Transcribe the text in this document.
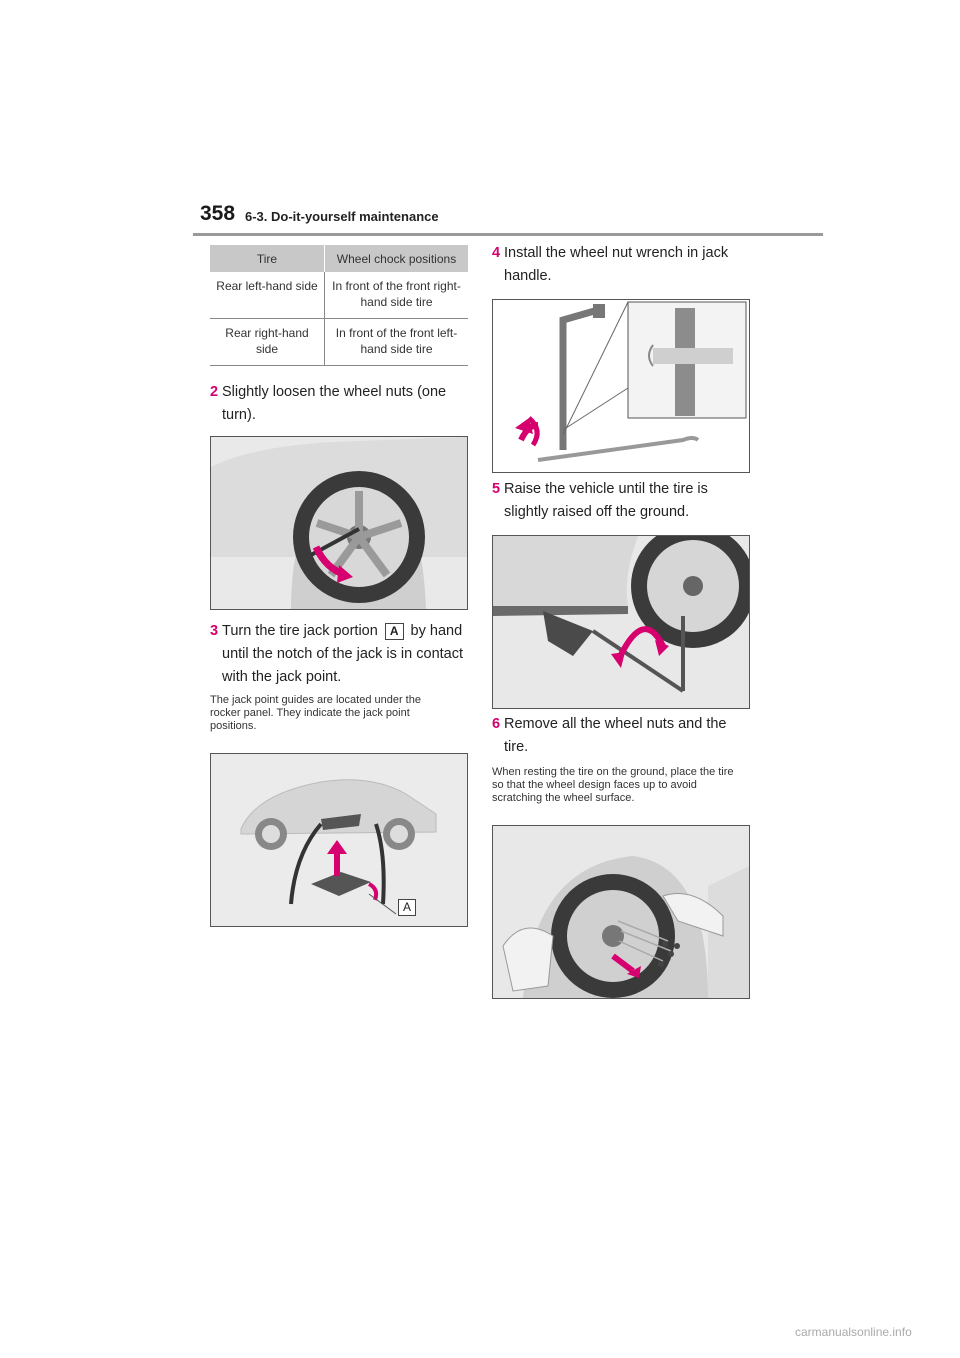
358 6-3. Do-it-yourself maintenance
Tire	Wheel chock positions
Rear left-hand side	In front of the front right-hand side tire
Rear right-hand side	In front of the front left-hand side tire
2 Slightly loosen the wheel nuts (one turn).
3 Turn the tire jack portion A by hand until the notch of the jack is in contact with the jack point.
The jack point guides are located under the rocker panel. They indicate the jack point positions.
A
4 Install the wheel nut wrench in jack handle.
5 Raise the vehicle until the tire is slightly raised off the ground.
6 Remove all the wheel nuts and the tire.
When resting the tire on the ground, place the tire so that the wheel design faces up to avoid scratching the wheel surface.
carmanualsonline.info
